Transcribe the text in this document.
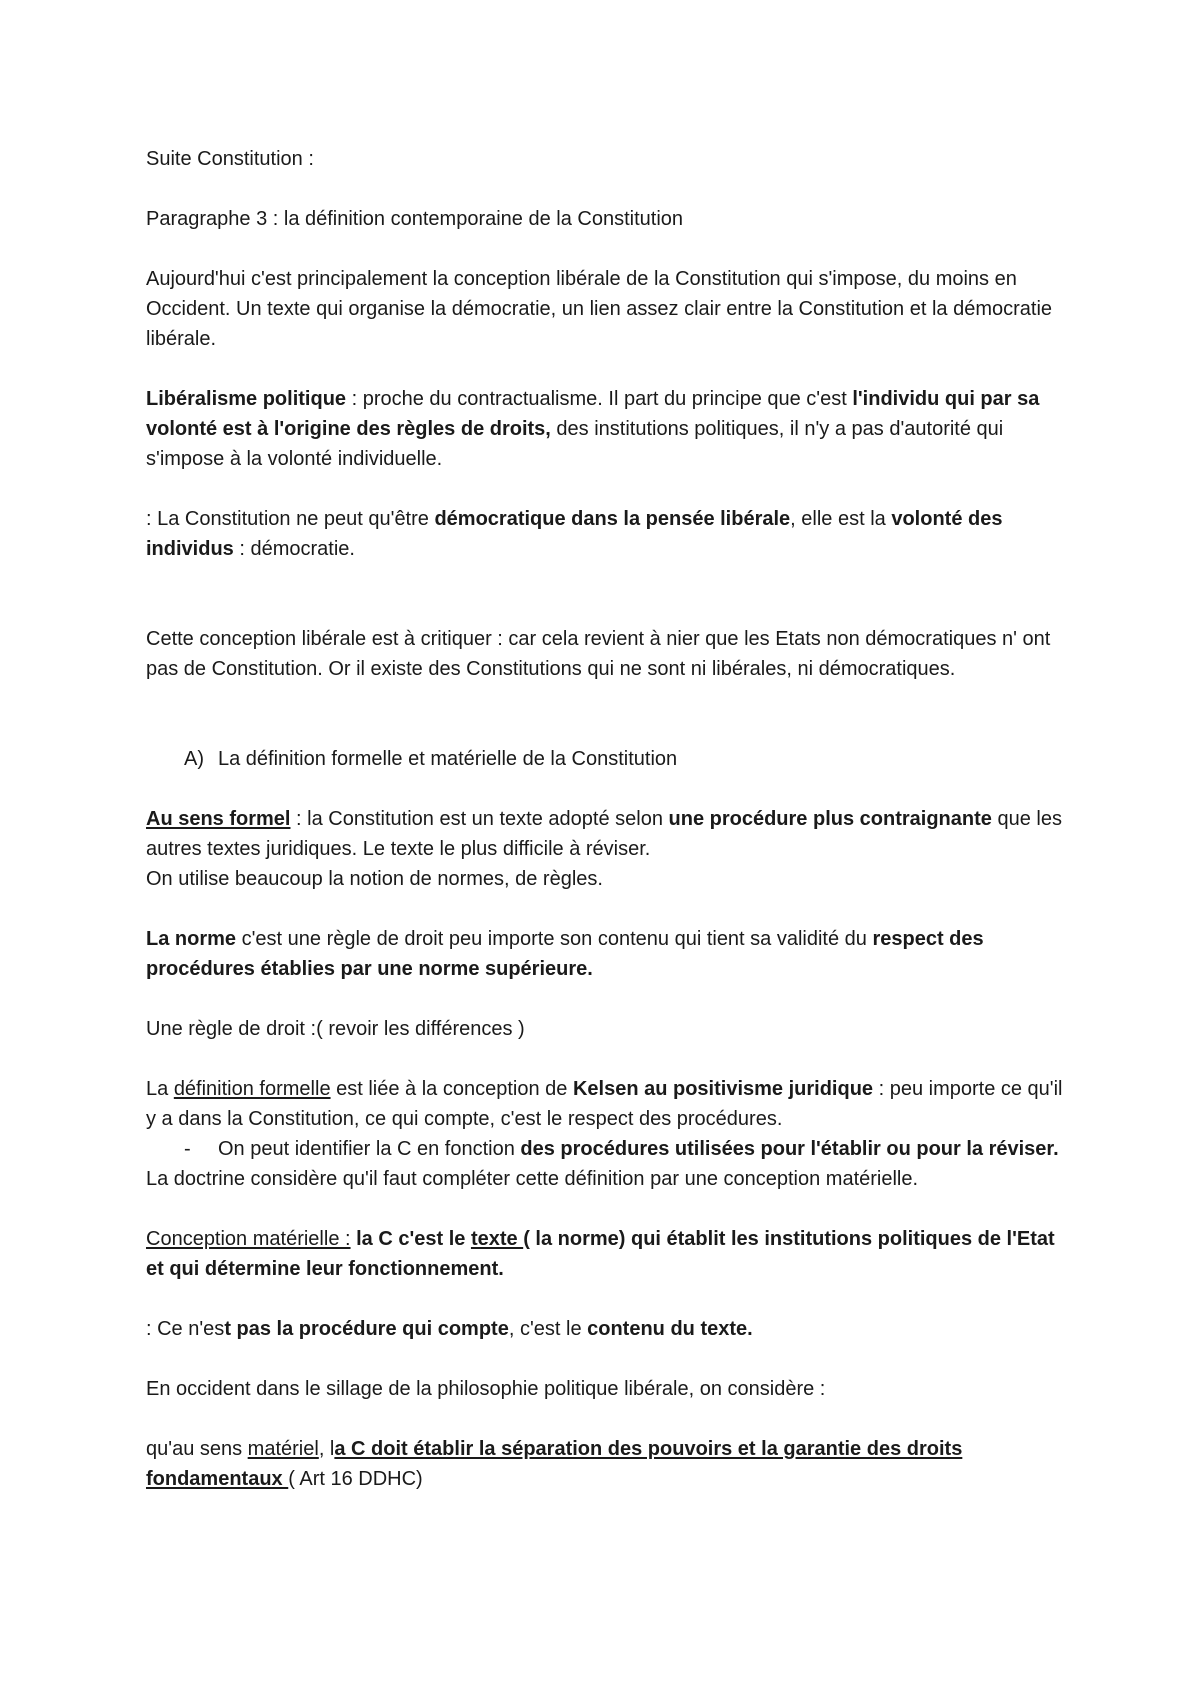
Suite Constitution :

Paragraphe 3 : la définition contemporaine de la Constitution

Aujourd'hui c'est principalement la conception libérale de la Constitution qui s'impose, du moins en Occident. Un texte qui organise la démocratie, un lien assez clair entre la Constitution et la démocratie libérale.

Libéralisme politique : proche du contractualisme. Il part du principe que c'est l'individu qui par sa volonté est à l'origine des règles de droits, des institutions politiques, il n'y a pas d'autorité qui s'impose à la volonté individuelle.

: La Constitution ne peut qu'être démocratique dans la pensée libérale, elle est la volonté des individus : démocratie.

Cette conception libérale est à critiquer : car cela revient à nier que les Etats non démocratiques n' ont pas de Constitution. Or il existe des Constitutions qui ne sont ni libérales, ni démocratiques.

A) La définition formelle et matérielle de la Constitution

Au sens formel : la Constitution est un texte adopté selon une procédure plus contraignante que les autres textes juridiques. Le texte le plus difficile à réviser.
On utilise beaucoup la notion de normes, de règles.

La norme c'est une règle de droit peu importe son contenu qui tient sa validité du respect des procédures établies par une norme supérieure.

Une règle de droit :( revoir les différences )

La définition formelle est liée à la conception de Kelsen au positivisme juridique : peu importe ce qu'il y a dans la Constitution, ce qui compte, c'est le respect des procédures.

- On peut identifier la C en fonction des procédures utilisées pour l'établir ou pour la réviser.

La doctrine considère qu'il faut compléter cette définition par une conception matérielle.

Conception matérielle : la C c'est le texte ( la norme) qui établit les institutions politiques de l'Etat et qui détermine leur fonctionnement.

: Ce n'est pas la procédure qui compte, c'est le contenu du texte.

En occident dans le sillage de la philosophie politique libérale, on considère :

qu'au sens matériel, la C doit établir la séparation des pouvoirs et la garantie des droits fondamentaux ( Art 16 DDHC)
